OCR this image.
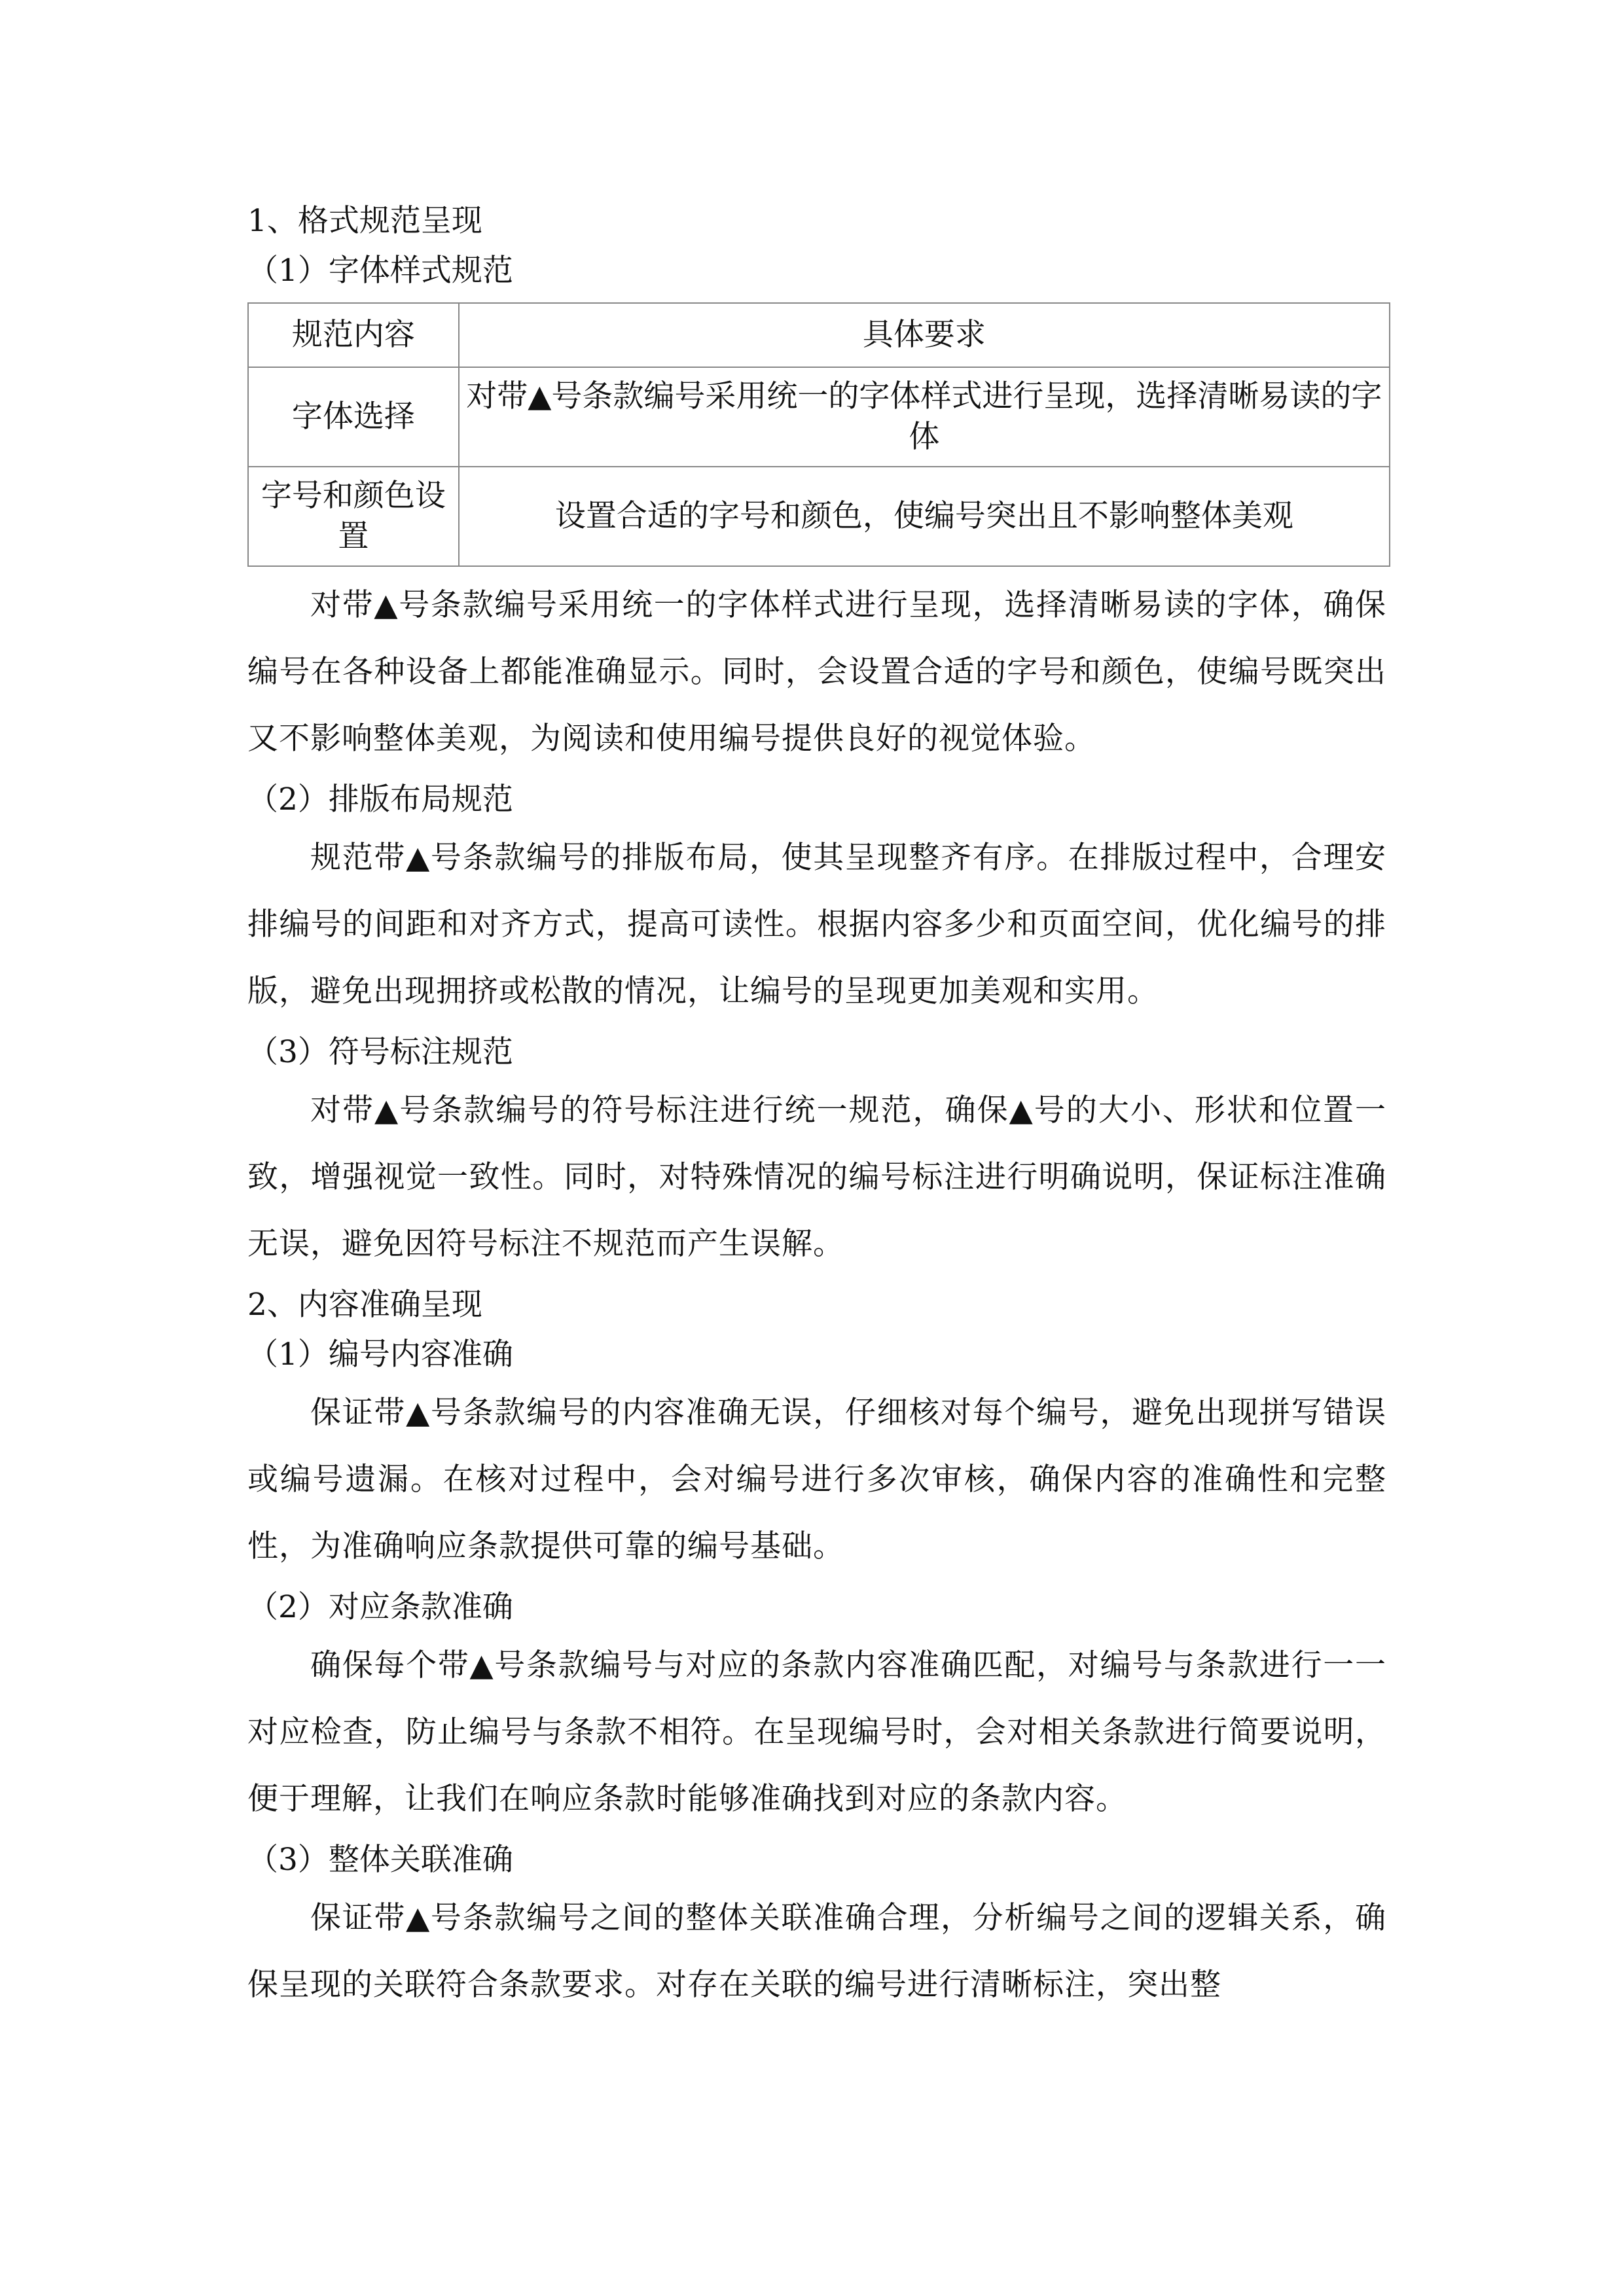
1、格式规范呈现
（1）字体样式规范
规范内容	具体要求
字体选择	对带▲号条款编号采用统一的字体样式进行呈现，选择清晰易读的字体
字号和颜色设置	设置合适的字号和颜色，使编号突出且不影响整体美观

对带▲号条款编号采用统一的字体样式进行呈现，选择清晰易读的字体，确保编号在各种设备上都能准确显示。同时，会设置合适的字号和颜色，使编号既突出又不影响整体美观，为阅读和使用编号提供良好的视觉体验。

（2）排版布局规范

规范带▲号条款编号的排版布局，使其呈现整齐有序。在排版过程中，合理安排编号的间距和对齐方式，提高可读性。根据内容多少和页面空间，优化编号的排版，避免出现拥挤或松散的情况，让编号的呈现更加美观和实用。

（3）符号标注规范

对带▲号条款编号的符号标注进行统一规范，确保▲号的大小、形状和位置一致，增强视觉一致性。同时，对特殊情况的编号标注进行明确说明，保证标注准确无误，避免因符号标注不规范而产生误解。

2、内容准确呈现
（1）编号内容准确

保证带▲号条款编号的内容准确无误，仔细核对每个编号，避免出现拼写错误或编号遗漏。在核对过程中，会对编号进行多次审核，确保内容的准确性和完整性，为准确响应条款提供可靠的编号基础。

（2）对应条款准确

确保每个带▲号条款编号与对应的条款内容准确匹配，对编号与条款进行一一对应检查，防止编号与条款不相符。在呈现编号时，会对相关条款进行简要说明，便于理解，让我们在响应条款时能够准确找到对应的条款内容。

（3）整体关联准确

保证带▲号条款编号之间的整体关联准确合理，分析编号之间的逻辑关系，确保呈现的关联符合条款要求。对存在关联的编号进行清晰标注，突出整
